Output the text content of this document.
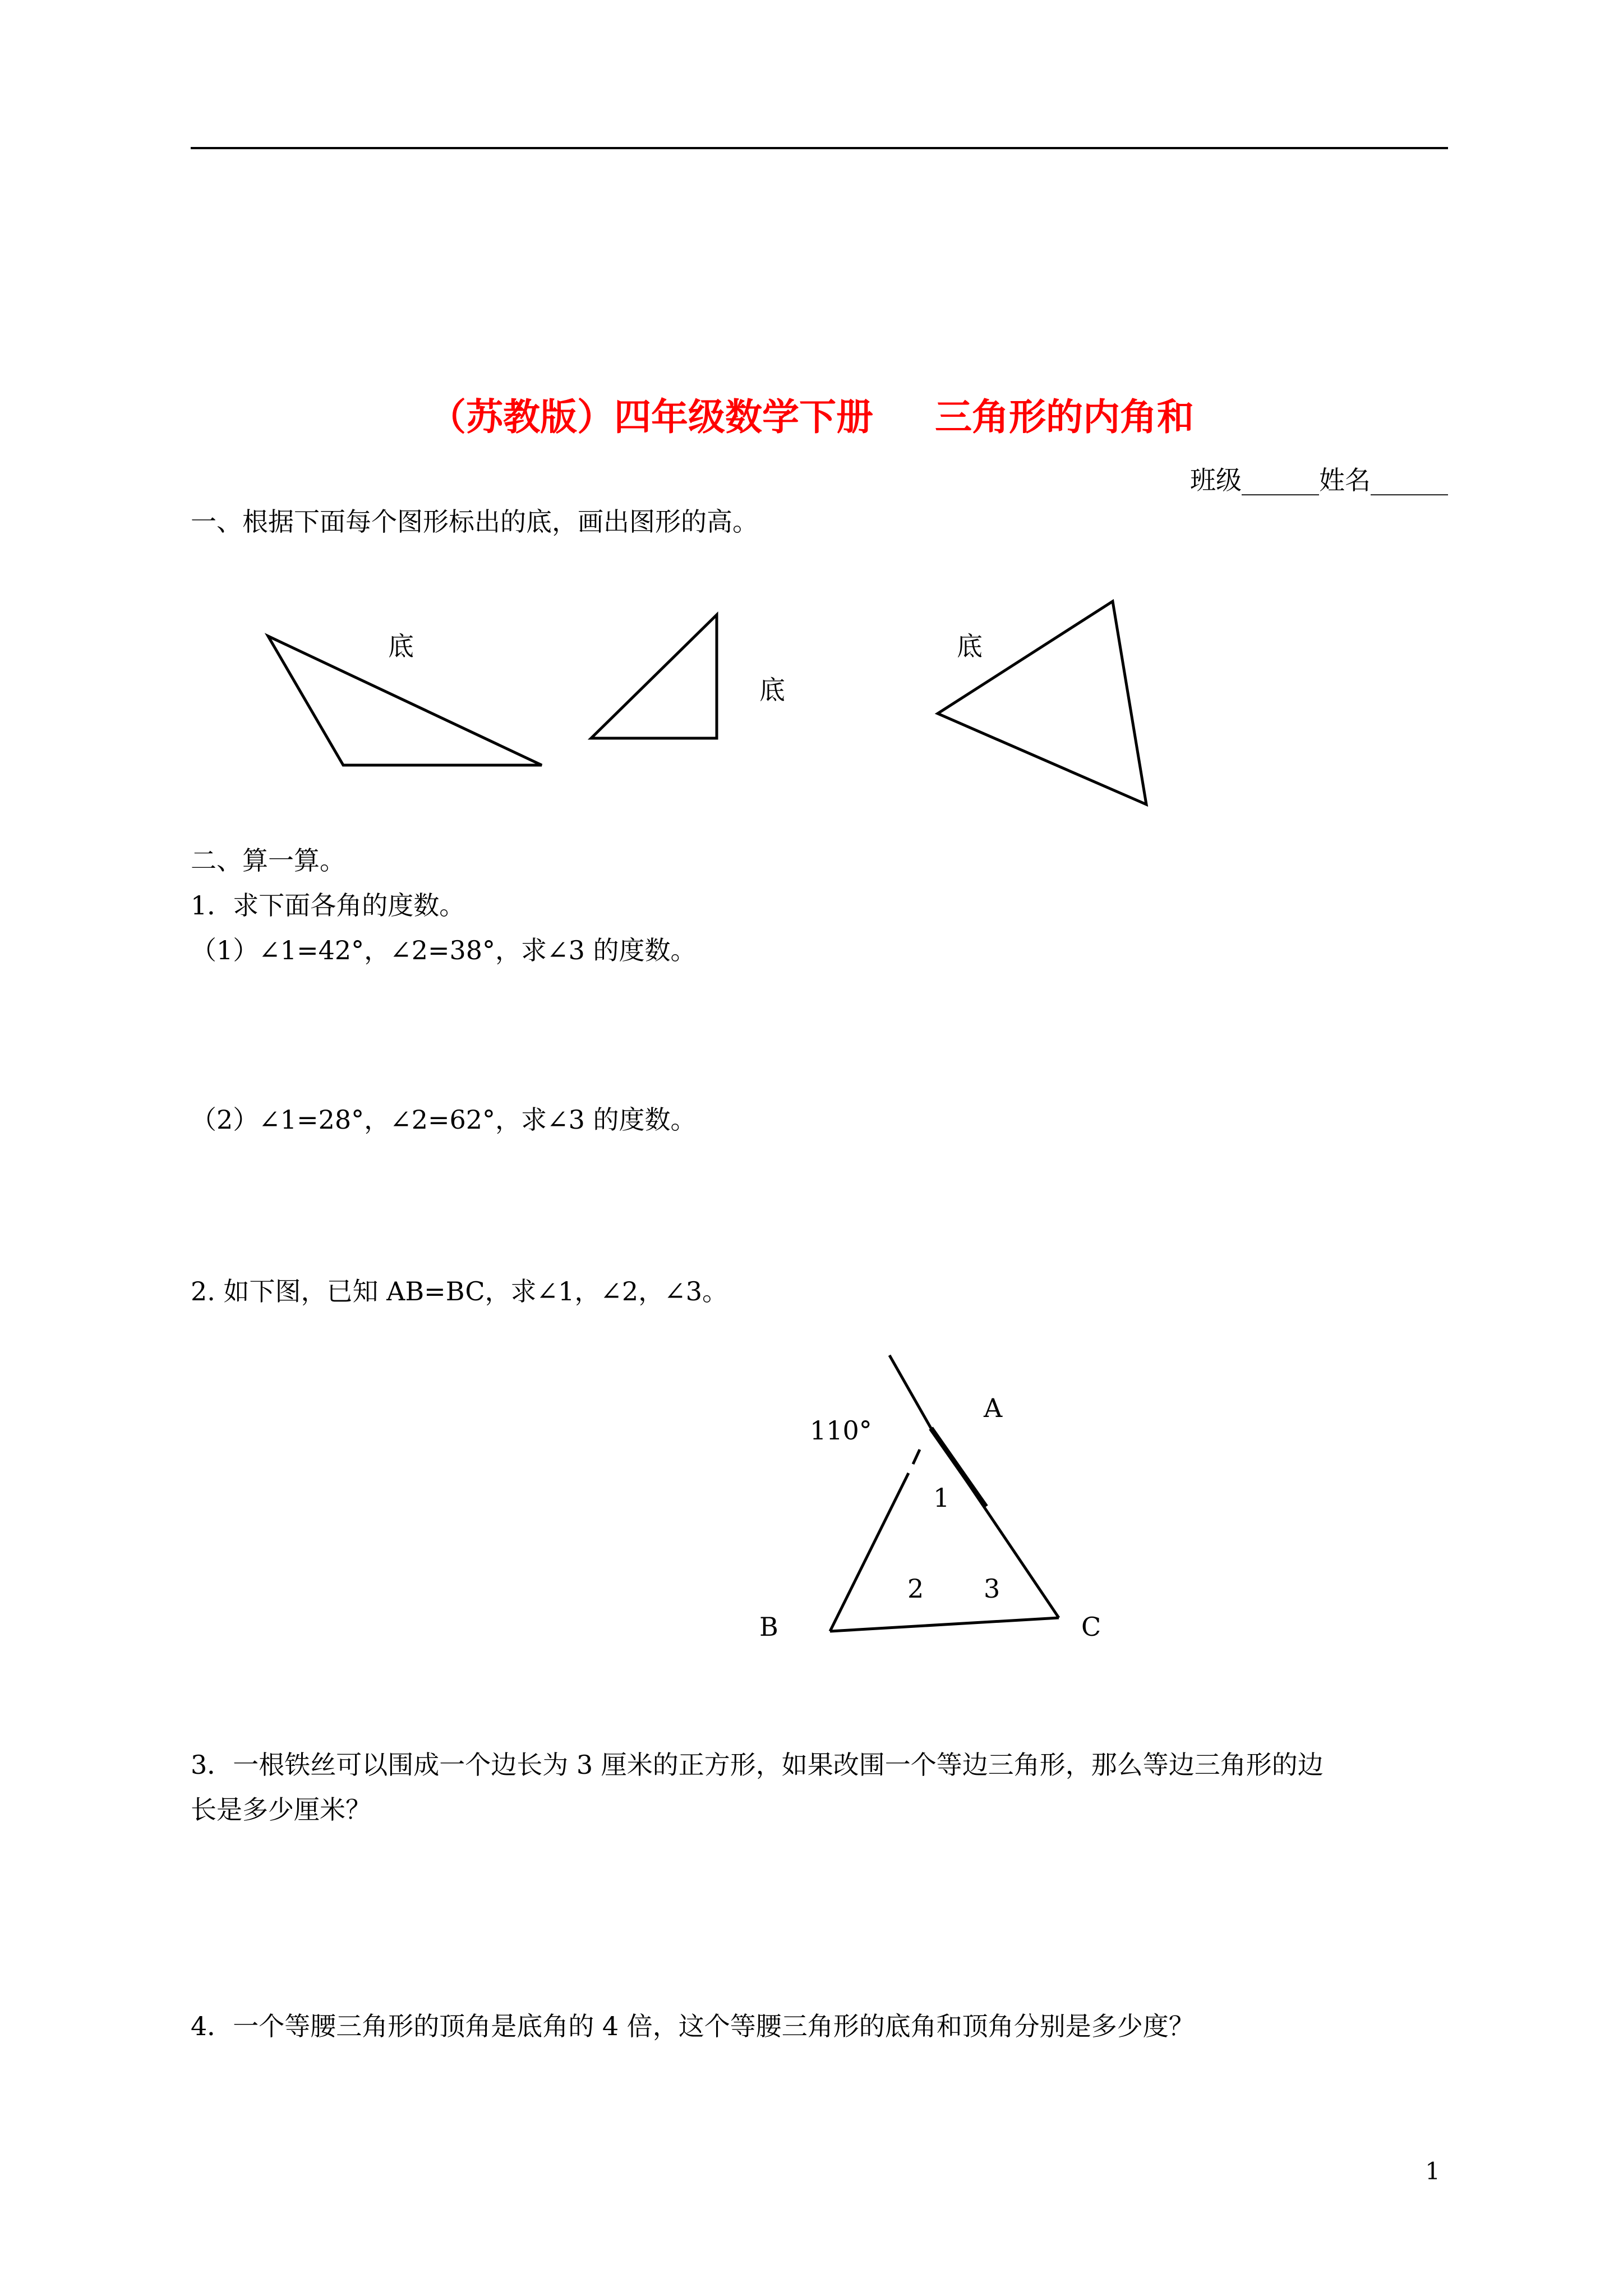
（苏教版）四年级数学下册 三角形的内角和
班级______姓名______
一、根据下面每个图形标出的底，画出图形的高。
底
底
底
110°
A
B	C
1
2 3
二、算一算。
1．求下面各角的度数。
（1）∠1=42°，∠2=38°，求∠3 的度数。
（2）∠1=28°，∠2=62°，求∠3 的度数。
2. 如下图，已知 AB=BC，求∠1，∠2，∠3。
3．一根铁丝可以围成一个边长为 3 厘米的正方形，如果改围一个等边三角形，那么等边三角形的边
长是多少厘米？
4．一个等腰三角形的顶角是底角的 4 倍，这个等腰三角形的底角和顶角分别是多少度？
1
